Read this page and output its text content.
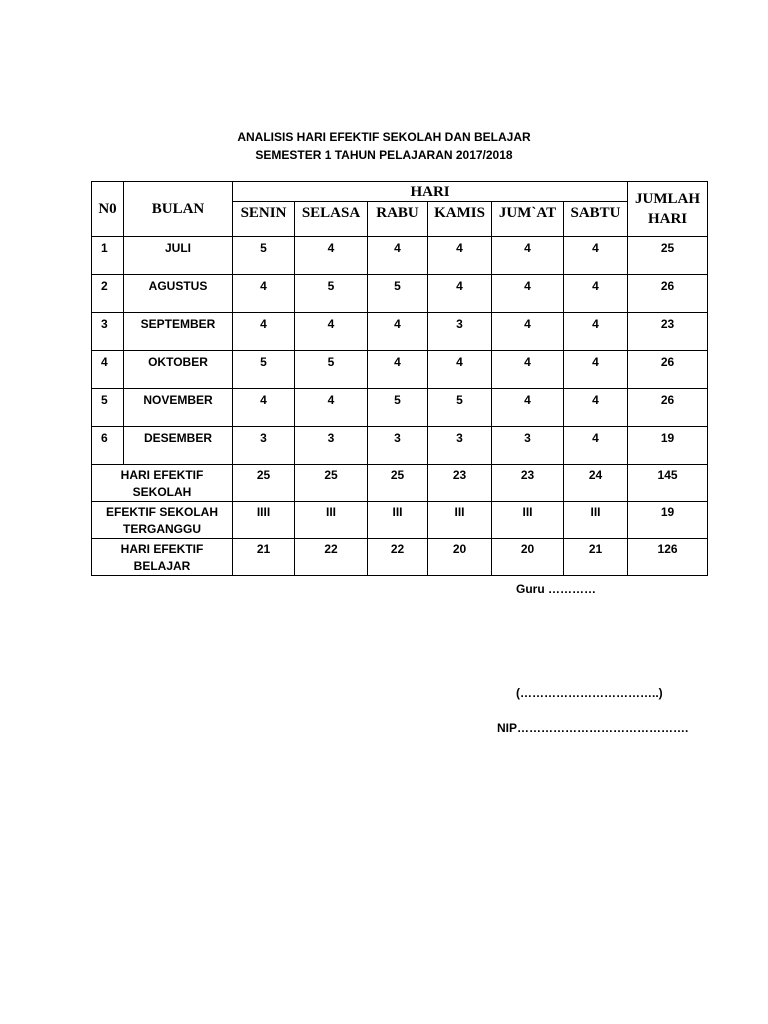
ANALISIS HARI EFEKTIF SEKOLAH DAN BELAJAR
SEMESTER 1 TAHUN PELAJARAN 2017/2018
N0	BULAN	HARI						JUMLAH
HARI

		SENIN	SELASA	RABU	KAMIS	JUM`AT	SABTU	
1	JULI	5	4	4	4	4	4	25
2	AGUSTUS	4	5	5	4	4	4	26
3	SEPTEMBER	4	4	4	3	4	4	23
4	OKTOBER	5	5	4	4	4	4	26
5	NOVEMBER	4	4	5	5	4	4	26
6	DESEMBER	3	3	3	3	3	4	19

HARI EFEKTIF
SEKOLAH		25	25	25	23	23	24	145

EFEKTIF SEKOLAH
TERGANGGU		IIII	III	III	III	III	III	19

HARI EFEKTIF
BELAJAR		21	22	22	20	20	21	126
Guru …………
(……………………………..)
NIP…………………………………….
